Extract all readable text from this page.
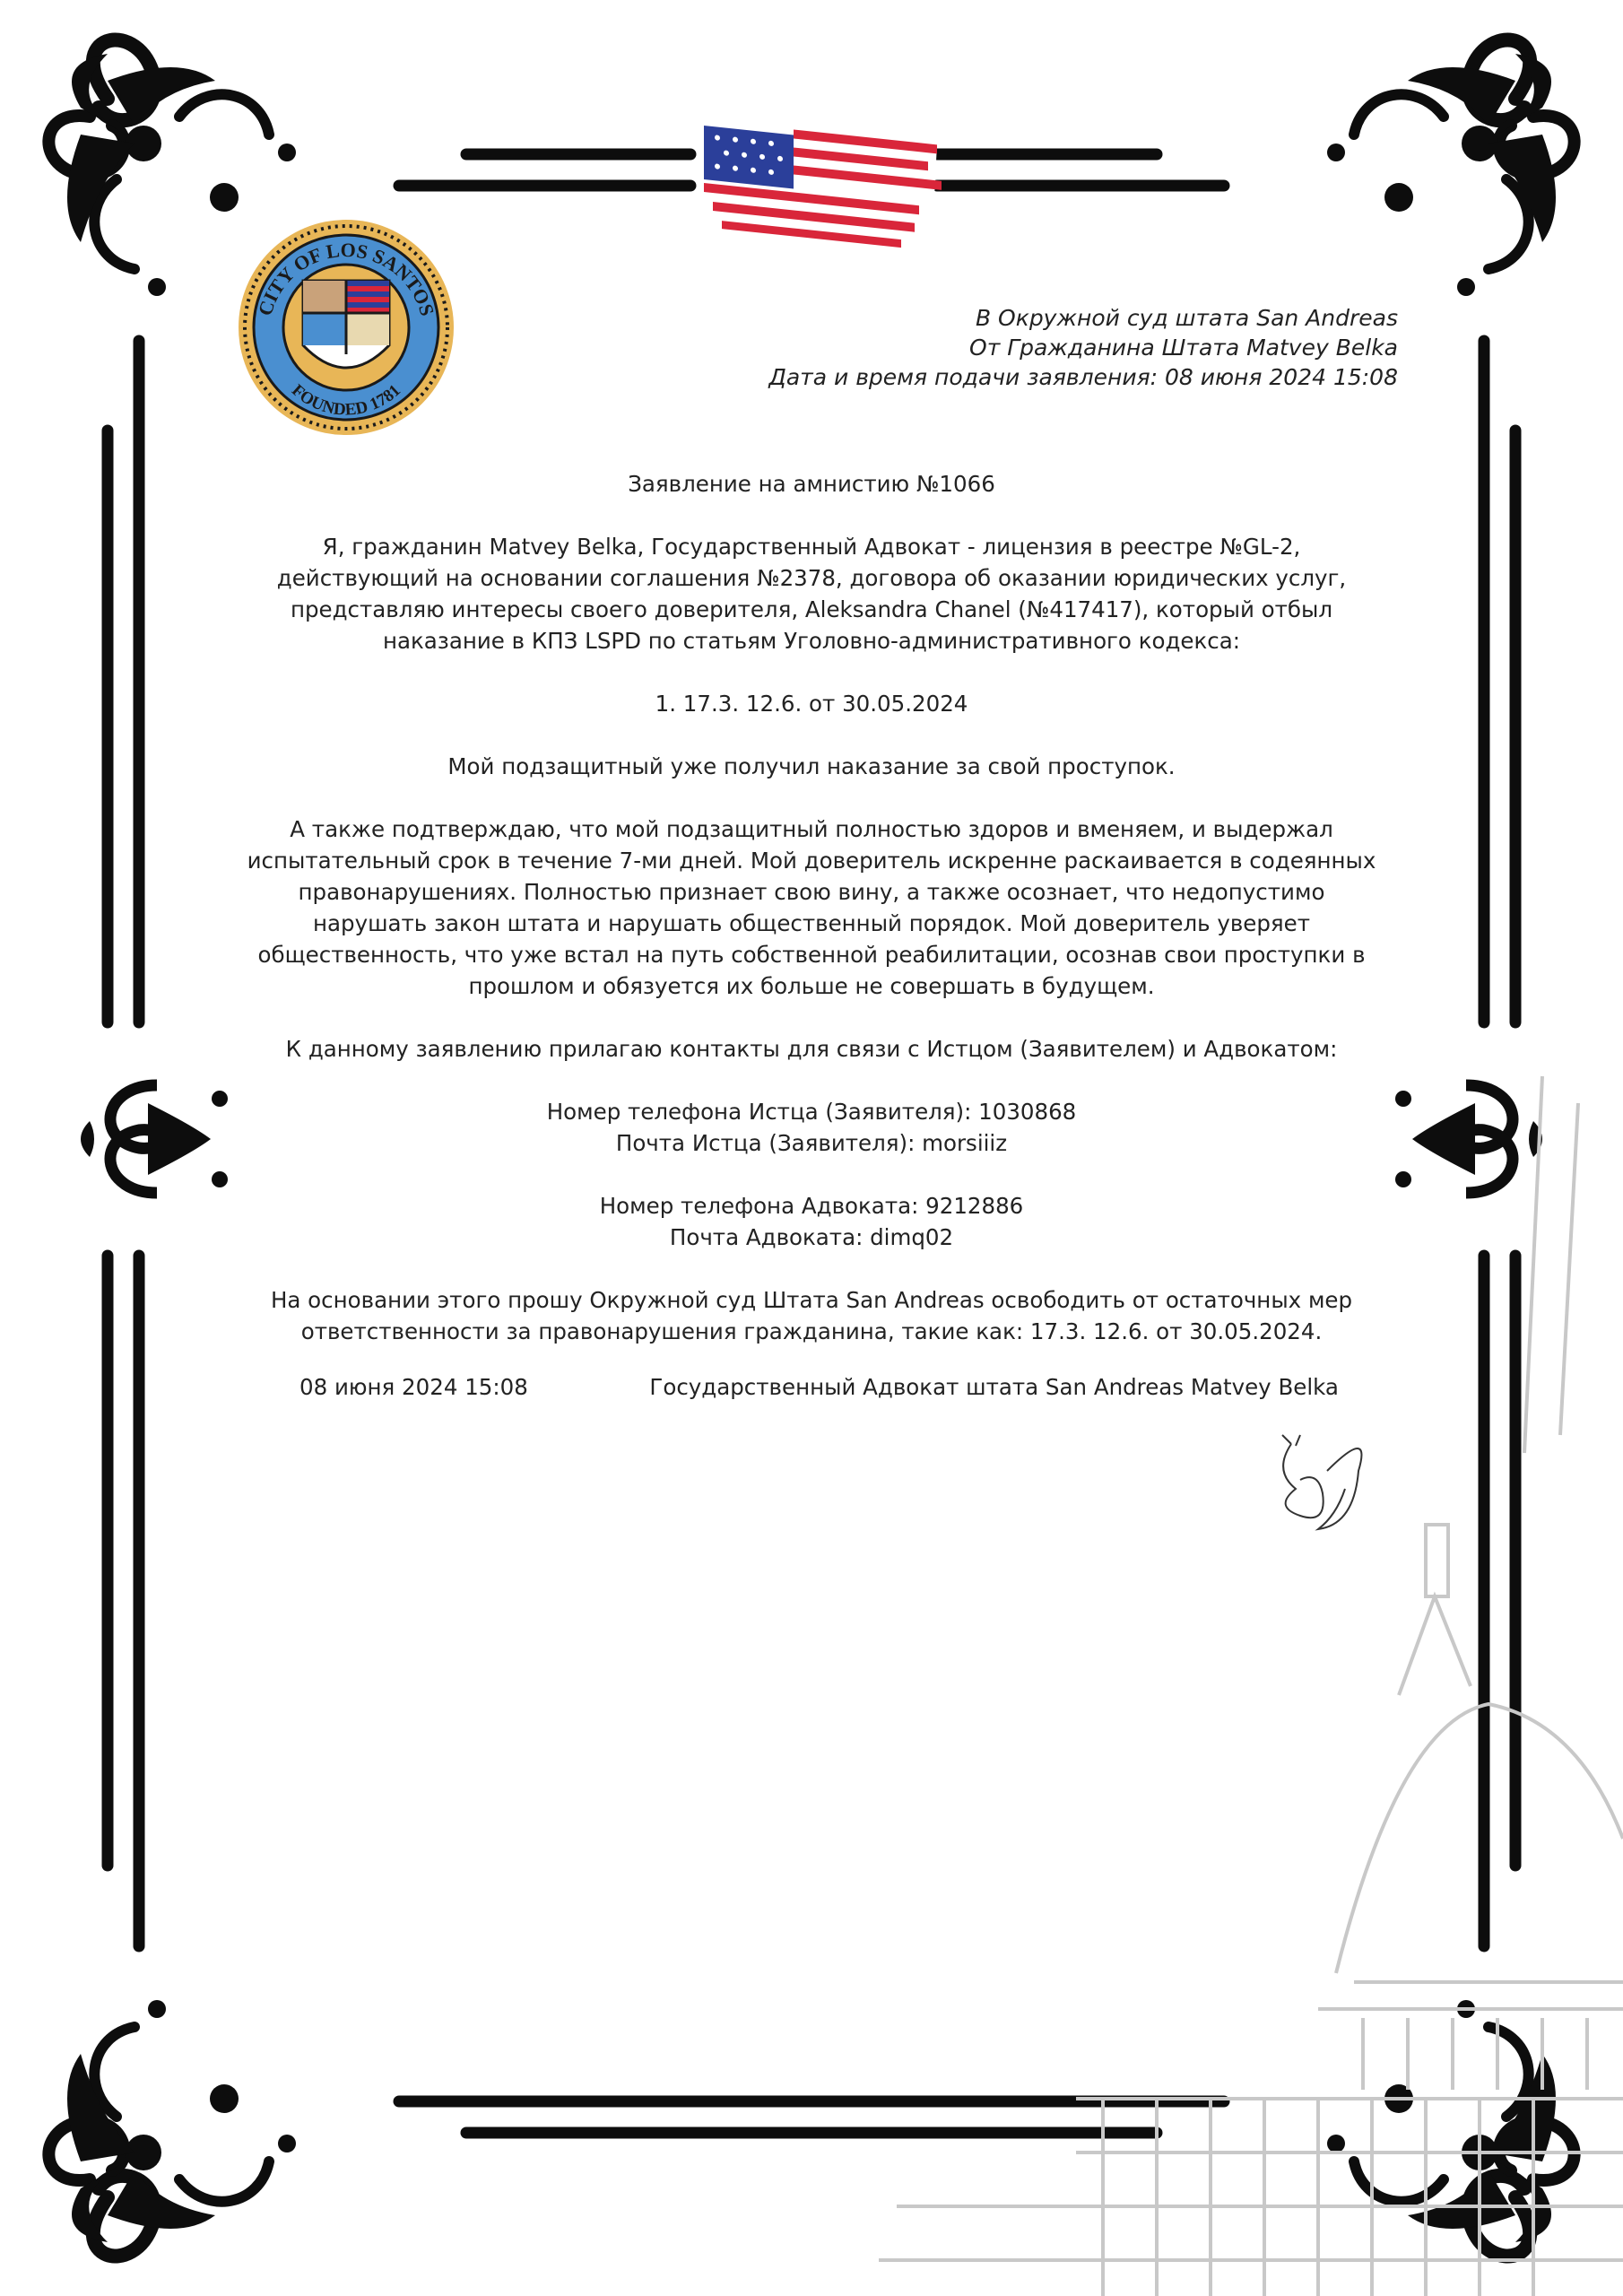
CITY OF LOS SANTOS
FOUNDED 1781
В Окружной суд штата San Andreas
От Гражданина Штата Matvey Belka
Дата и время подачи заявления: 08 июня 2024 15:08

Заявление на амнистию №1066

Я, гражданин Matvey Belka, Государственный Адвокат - лицензия в реестре №GL-2,

действующий на основании соглашения №2378, договора об оказании юридических услуг,

представляю интересы своего доверителя, Aleksandra Chanel (№417417), который отбыл

наказание в КПЗ LSPD по статьям Уголовно-административного кодекса:

1. 17.3. 12.6. от 30.05.2024

Мой подзащитный уже получил наказание за свой проступок.

А также подтверждаю, что мой подзащитный полностью здоров и вменяем, и выдержал

испытательный срок в течение 7-ми дней. Мой доверитель искренне раскаивается в содеянных

правонарушениях. Полностью признает свою вину, а также осознает, что недопустимо

нарушать закон штата и нарушать общественный порядок. Мой доверитель уверяет

общественность, что уже встал на путь собственной реабилитации, осознав свои проступки в

прошлом и обязуется их больше не совершать в будущем.

К данному заявлению прилагаю контакты для связи с Истцом (Заявителем) и Адвокатом:

Номер телефона Истца (Заявителя): 1030868

Почта Истца (Заявителя): morsiiiz

Номер телефона Адвоката: 9212886

Почта Адвоката: dimq02

На основании этого прошу Окружной суд Штата San Andreas освободить от остаточных мер

ответственности за правонарушения гражданина, такие как: 17.3. 12.6. от 30.05.2024.

08 июня 2024 15:08	Государственный Адвокат штата San Andreas Matvey Belka
